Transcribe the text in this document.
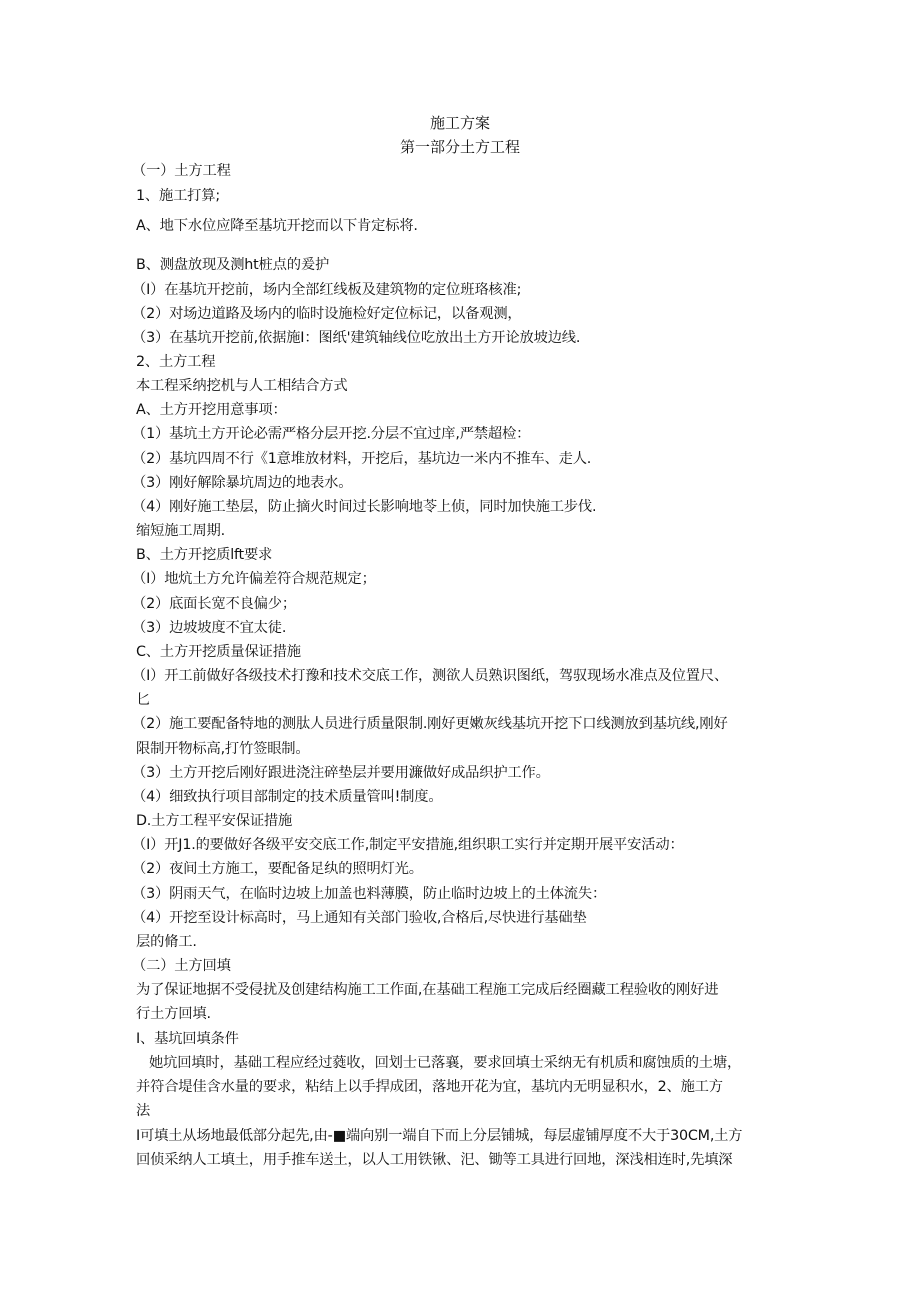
施工方案
第一部分土方工程
（一）土方工程
1、施工打算;
A、地下水位应降至基坑开挖而以下肯定标将.
B、测盘放现及测ht桩点的爰护
（I）在基坑开挖前，场内全部红线板及建筑物的定位班珞核准;
（2）对场边道路及场内的临时设施检好定位标记，以备观测，
（3）在基坑开挖前,依据施I：图纸'建筑轴线位吃放出土方开论放坡边线.
2、土方工程
本工程采纳挖机与人工相结合方式
A、土方开挖用意事项：
（1）基坑土方开论必需严格分层开挖.分层不宜过庠,严禁超检：
（2）基坑四周不行《1意堆放材料，开挖后，基坑边一米内不推车、走人.
（3）刚好解除暴坑周边的地表水。
（4）刚好施工垫层，防止摘火时间过长影响地苓上侦，同时加快施工步伐.
缩短施工周期.
B、土方开挖质lft要求
（I）地炕土方允许偏差符合规范规定；
（2）底面长宽不良偏少；
（3）边坡坡度不宜太徒.
C、土方开挖质量保证措施
（I）开工前做好各级技术打豫和技术交底工作，测欲人员熟识图纸，驾驭现场水准点及位置尺、
匕
（2）施工要配备特地的测肽人员进行质量限制.刚好更嫩灰线基坑开挖下口线测放到基坑线,刚好
限制开物标高,打竹签眼制。
（3）土方开挖后刚好跟进浇注碎垫层并要用濂做好成品织护工作。
（4）细致执行项目部制定的技术质量管叫!制度。
D.土方工程平安保证措施
（I）开J1.的要做好各级平安交底工作,制定平安措施,组织职工实行并定期开展平安活动：
（2）夜间土方施工，要配备足纨的照明灯光。
（3）阴雨天气，在临时边坡上加盖也料薄膜，防止临时边坡上的土体流失：
（4）开挖至设计标高时，马上通知有关部门验收,合格后,尽快进行基础垫
层的脩工.
（二）土方回填
为了保证地据不受侵扰及创建结构施工工作面,在基础工程施工完成后经圈藏工程验收的刚好进
行土方回填.
I、基坑回填条件
她坑回填时，基础工程应经过蕤收，回划士已落襄，要求回填士采纳无有机质和腐蚀质的土塘，
并符合堤佳含水量的要求，粘结上以手捍成团，落地开花为宜，基坑内无明显积水，2、施工方
法
I可填土从场地最低部分起先,由-■端向别一端自下而上分层铺城，每层虚铺厚度不大于30CM,土方
回侦采纳人工填土，用手推车送土，以人工用铁锹、汜、锄等工具进行回地，深浅相连时,先填深
